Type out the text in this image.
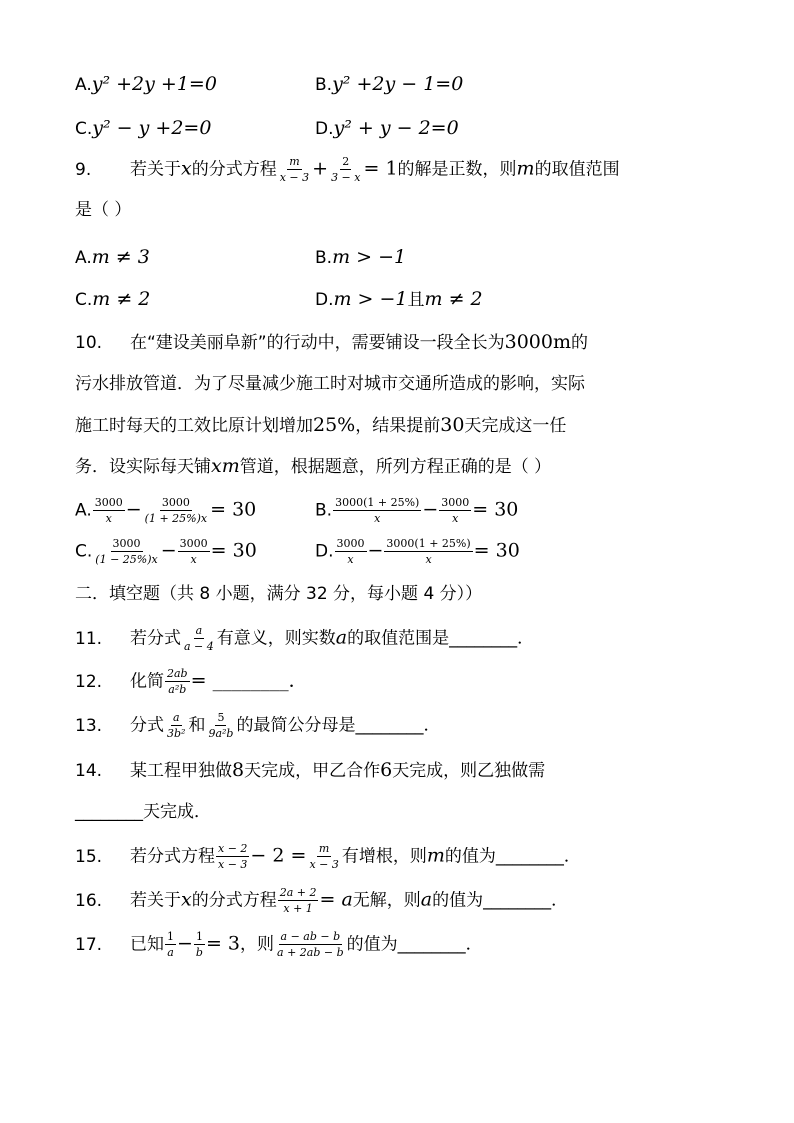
A.y² +2y +1=0	B.y² +2y − 1=0
C.y² − y +2=0	D.y² + y − 2=0
9. 若关于x的分式方程 $\frac{m}{x - 3} + \frac{2}{3 - x} = 1$的解是正数，则m的取值范围
是（ ）
A.m ≠ 3	B.m > −1
C.m ≠ 2	D.m > −1且m ≠ 2
10. 在“建设美丽阜新”的行动中，需要铺设一段全长为3000m的
污水排放管道．为了尽量减少施工时对城市交通所造成的影响，实际
施工时每天的工效比原计划增加25%，结果提前30天完成这一任
务．设实际每天铺xm管道，根据题意，所列方程正确的是（ ）
A. $\frac{3000}{x} - \frac{3000}{(1 + 25\%)x} = 30$	B. $\frac{3000(1 + 25\%)}{x} - \frac{3000}{x} = 30$
C. $\frac{3000}{(1 - 25\%)x} - \frac{3000}{x} = 30$	D. $\frac{3000}{x} - \frac{3000(1 + 25\%)}{x} = 30$
二．填空题（共 8 小题，满分 32 分，每小题 4 分））
11. 若分式 $\frac{a}{a - 4}$ 有意义，则实数a的取值范围是________．
12. 化简 $\frac{2ab}{\text{a²b}}$ = ________．
13. 分式 $\frac{a}{\text{3b²}}$ 和 $\frac{5}{\text{9a²b}}$ 的最简公分母是________．
14. 某工程甲独做8天完成，甲乙合作6天完成，则乙独做需
________天完成．
15. 若分式方程 $\frac{x - 2}{x - 3} - 2 = \frac{m}{x - 3}$ 有增根，则m的值为________．
16. 若关于x的分式方程 $\frac{2a + 2}{x + 1} = a$无解，则a的值为________．
17. 已知 $\frac{1}{a} - \frac{1}{b} = 3$，则 $\frac{a - ab - b}{a + 2ab - b}$ 的值为________．
